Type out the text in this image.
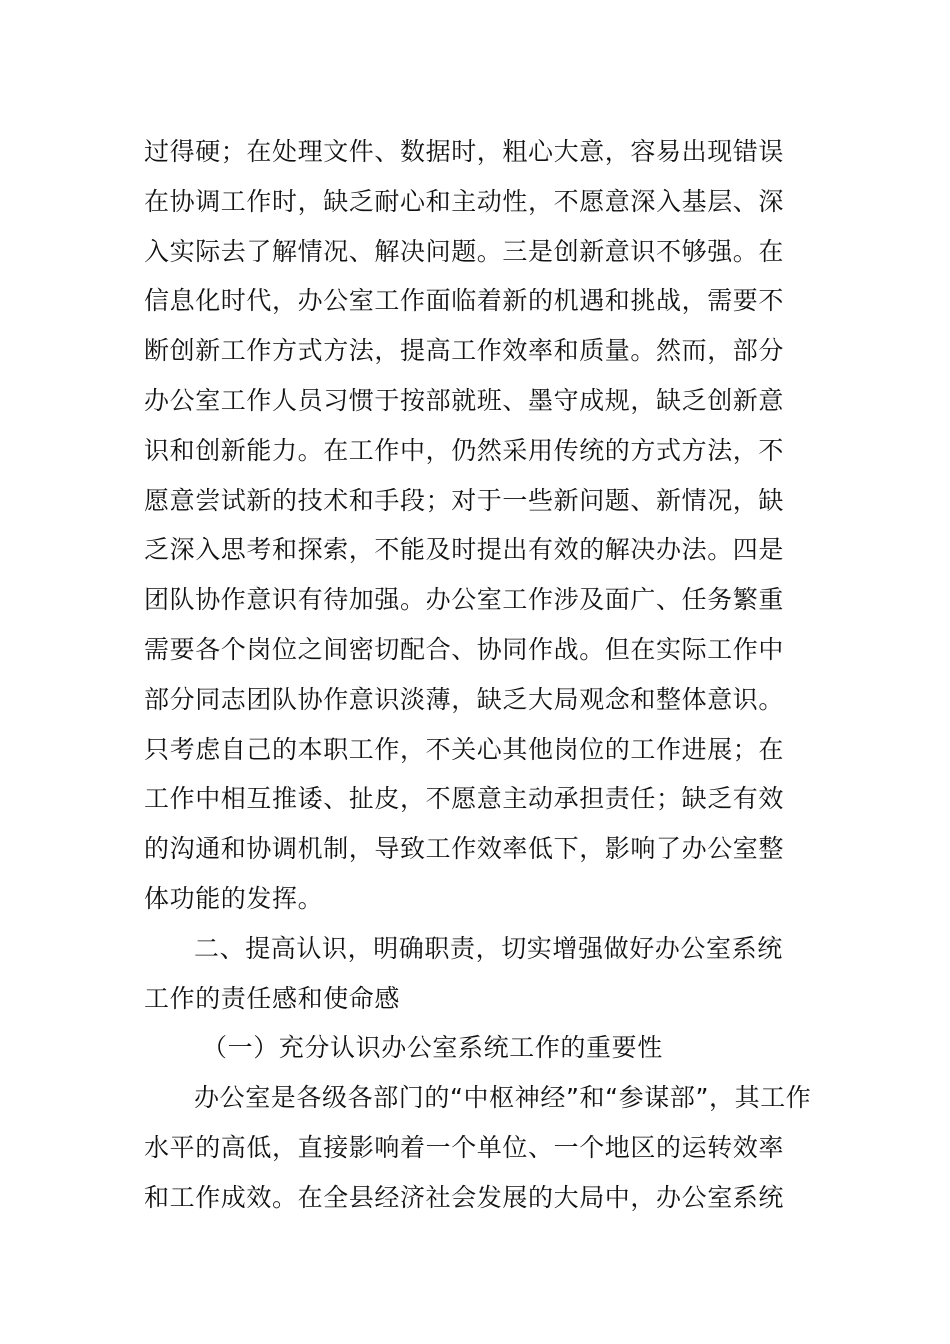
过得硬；在处理文件、数据时，粗心大意，容易出现错误
在协调工作时，缺乏耐心和主动性，不愿意深入基层、深
入实际去了解情况、解决问题。三是创新意识不够强。在
信息化时代，办公室工作面临着新的机遇和挑战，需要不
断创新工作方式方法，提高工作效率和质量。然而，部分
办公室工作人员习惯于按部就班、墨守成规，缺乏创新意
识和创新能力。在工作中，仍然采用传统的方式方法，不
愿意尝试新的技术和手段；对于一些新问题、新情况，缺
乏深入思考和探索，不能及时提出有效的解决办法。四是
团队协作意识有待加强。办公室工作涉及面广、任务繁重
需要各个岗位之间密切配合、协同作战。但在实际工作中
部分同志团队协作意识淡薄，缺乏大局观念和整体意识。
只考虑自己的本职工作，不关心其他岗位的工作进展；在
工作中相互推诿、扯皮，不愿意主动承担责任；缺乏有效
的沟通和协调机制，导致工作效率低下，影响了办公室整
体功能的发挥。
二、提高认识，明确职责，切实增强做好办公室系统
工作的责任感和使命感
（一）充分认识办公室系统工作的重要性
办公室是各级各部门的“中枢神经”和“参谋部”，其工作
水平的高低，直接影响着一个单位、一个地区的运转效率
和工作成效。在全县经济社会发展的大局中，办公室系统
